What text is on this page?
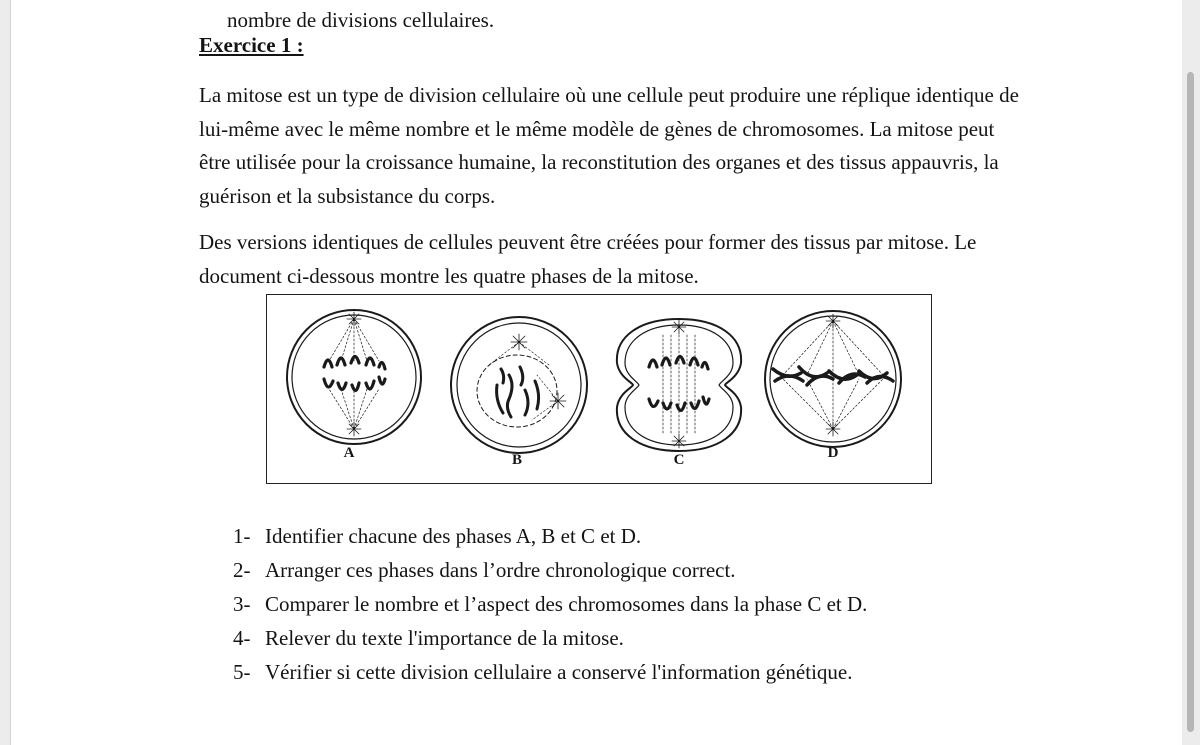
nombre de divisions cellulaires.

Exercice 1 :

La mitose est un type de division cellulaire où une cellule peut produire une réplique identique de lui-même avec le même nombre et le même modèle de gènes de chromosomes. La mitose peut être utilisée pour la croissance humaine, la reconstitution des organes et des tissus appauvris, la guérison et la subsistance du corps.

Des versions identiques de cellules peuvent être créées pour former des tissus par mitose. Le document ci-dessous montre les quatre phases de la mitose.

A	B	C	D
1- Identifier chacune des phases A, B et C et D.
2- Arranger ces phases dans l’ordre chronologique correct.
3- Comparer le nombre et l’aspect des chromosomes dans la phase C et D.
4- Relever du texte l'importance de la mitose.
5- Vérifier si cette division cellulaire a conservé l'information génétique.
